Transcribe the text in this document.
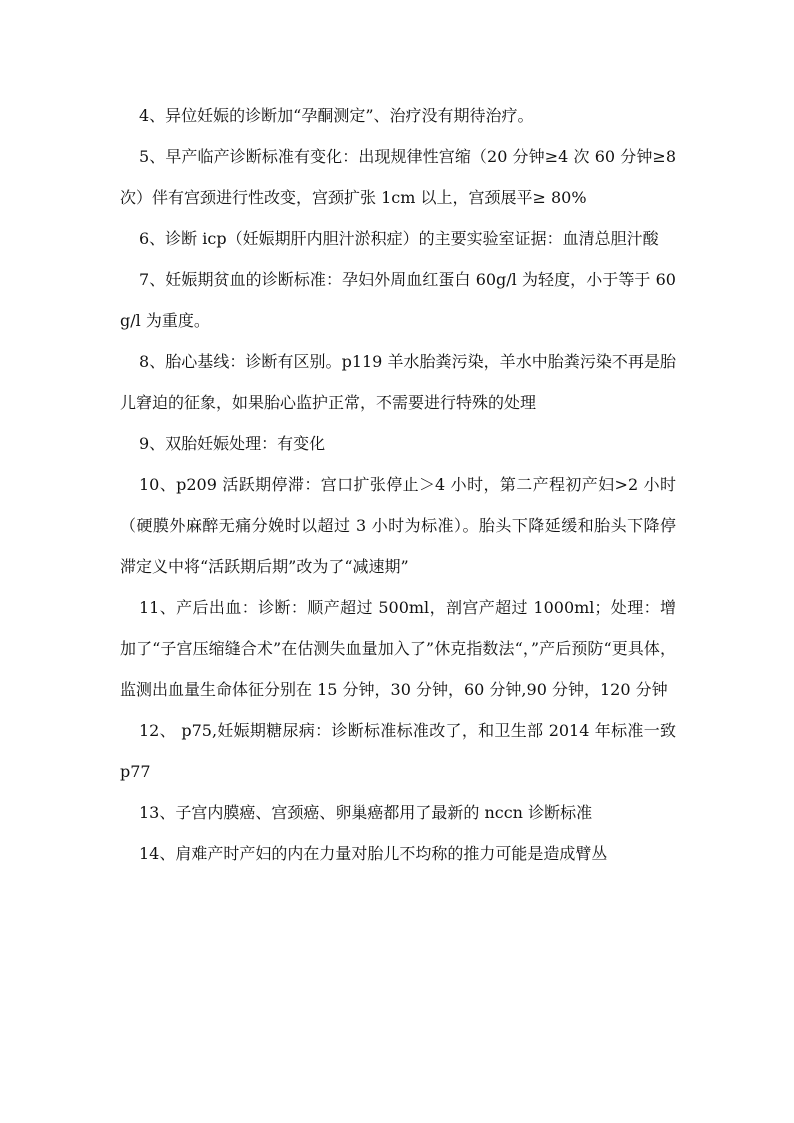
4、异位妊娠的诊断加“孕酮测定”、治疗没有期待治疗。

5、早产临产诊断标准有变化：出现规律性宫缩（20 分钟≥4 次 60 分钟≥8 次）伴有宫颈进行性改变，宫颈扩张 1cm 以上，宫颈展平≥ 80%

6、诊断 icp（妊娠期肝内胆汁淤积症）的主要实验室证据：血清总胆汁酸

7、妊娠期贫血的诊断标准：孕妇外周血红蛋白 60g/l 为轻度，小于等于 60g/l 为重度。

8、胎心基线：诊断有区别。p119 羊水胎粪污染，羊水中胎粪污染不再是胎儿窘迫的征象，如果胎心监护正常，不需要进行特殊的处理

9、双胎妊娠处理：有变化

10、p209 活跃期停滞：宫口扩张停止＞4 小时，第二产程初产妇>2 小时（硬膜外麻醉无痛分娩时以超过 3 小时为标准）。胎头下降延缓和胎头下降停滞定义中将“活跃期后期”改为了“减速期”

11、产后出血：诊断：顺产超过 500ml，剖宫产超过 1000ml；处理：增加了“子宫压缩缝合术”在估测失血量加入了”休克指数法“，”产后预防“更具体，监测出血量生命体征分别在 15 分钟，30 分钟，60 分钟,90 分钟，120 分钟

12、 p75,妊娠期糖尿病：诊断标准标准改了，和卫生部 2014 年标准一致 p77

13、子宫内膜癌、宫颈癌、卵巢癌都用了最新的 nccn 诊断标准

14、肩难产时产妇的内在力量对胎儿不均称的推力可能是造成臂丛
